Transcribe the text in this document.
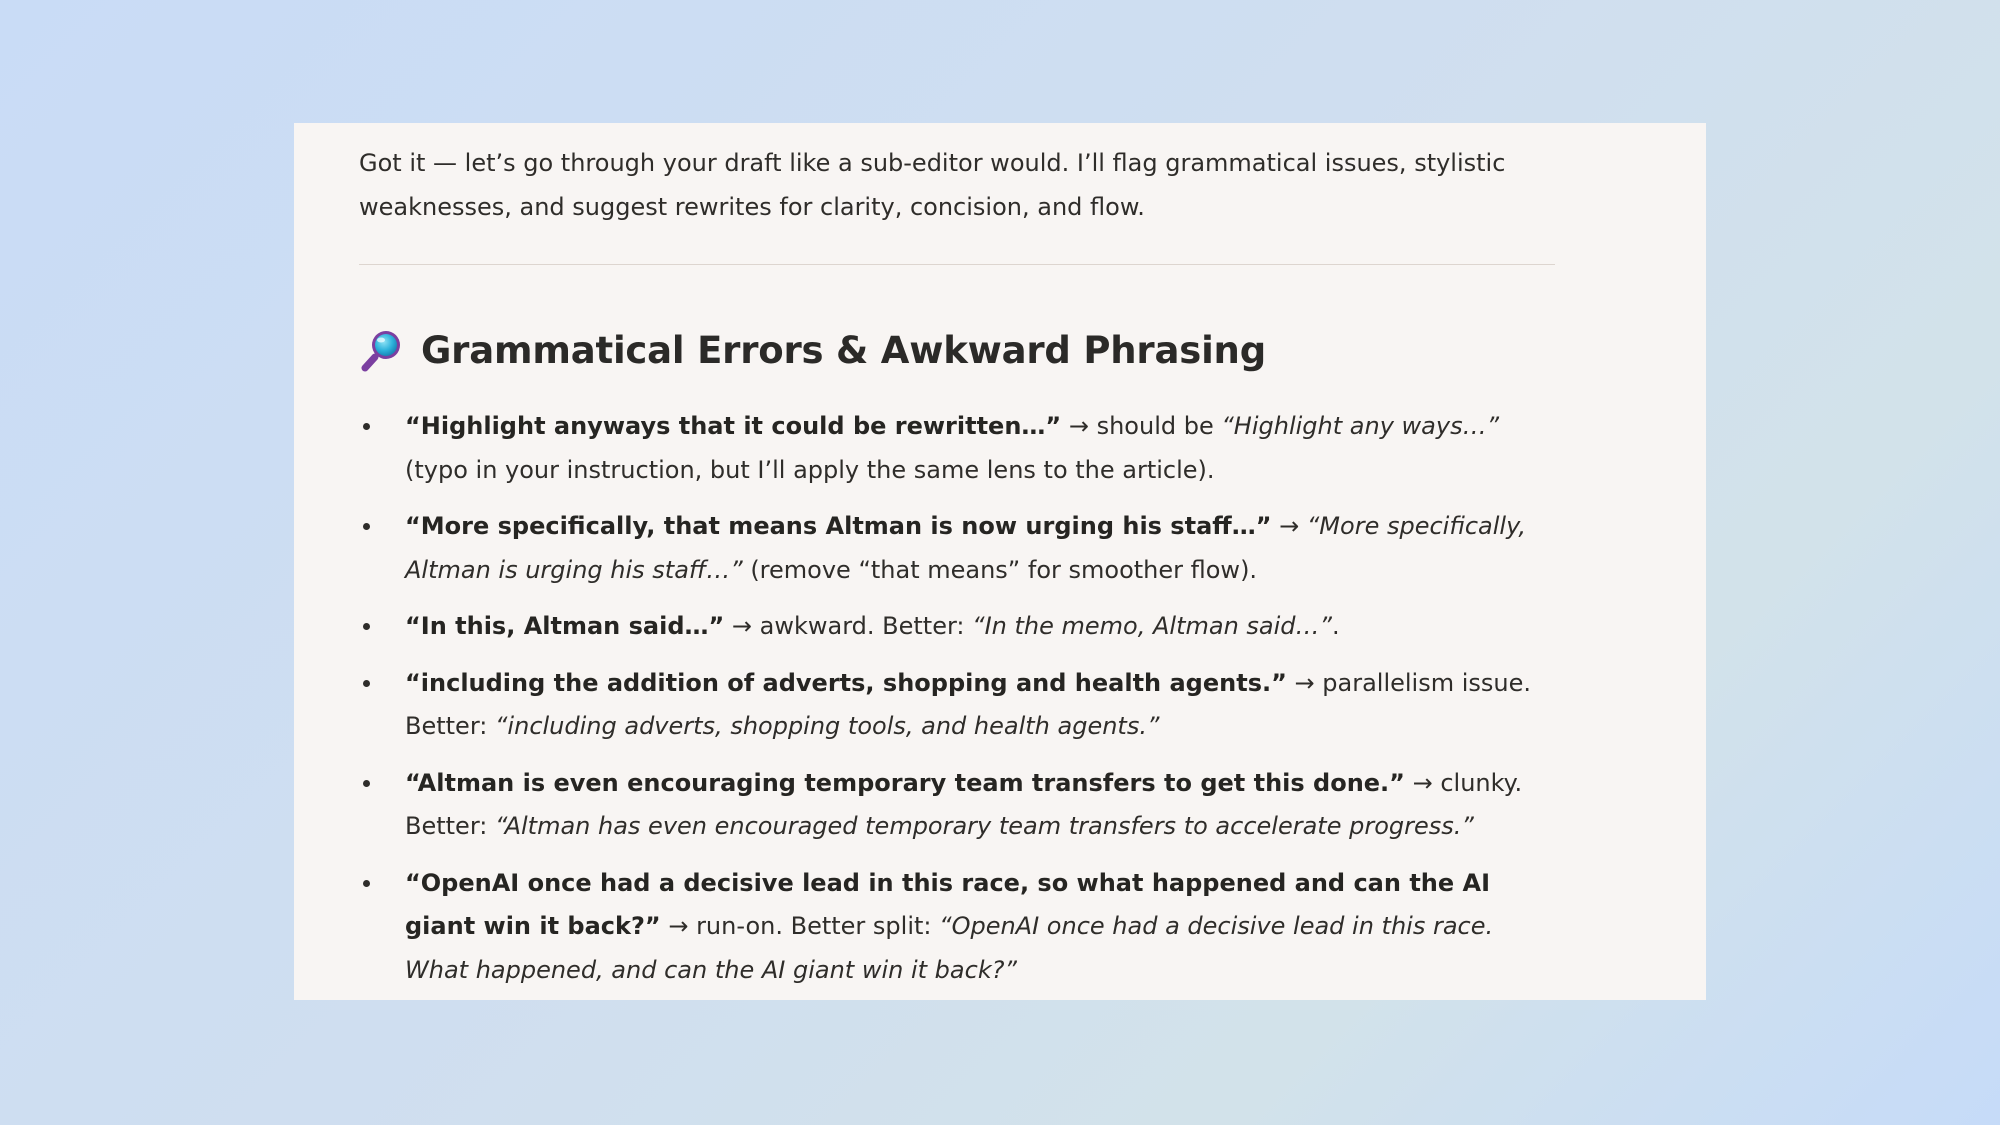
Got it — let’s go through your draft like a sub-editor would. I’ll flag grammatical issues, stylistic weaknesses, and suggest rewrites for clarity, concision, and flow.

Grammatical Errors & Awkward Phrasing
“Highlight anyways that it could be rewritten…” → should be “Highlight any ways…” (typo in your instruction, but I’ll apply the same lens to the article).
“More specifically, that means Altman is now urging his staff…” → “More specifically, Altman is urging his staff…” (remove “that means” for smoother flow).
“In this, Altman said…” → awkward. Better: “In the memo, Altman said…”.
“including the addition of adverts, shopping and health agents.” → parallelism issue. Better: “including adverts, shopping tools, and health agents.”
“Altman is even encouraging temporary team transfers to get this done.” → clunky. Better: “Altman has even encouraged temporary team transfers to accelerate progress.”
“OpenAI once had a decisive lead in this race, so what happened and can the AI giant win it back?” → run-on. Better split: “OpenAI once had a decisive lead in this race. What happened, and can the AI giant win it back?”
